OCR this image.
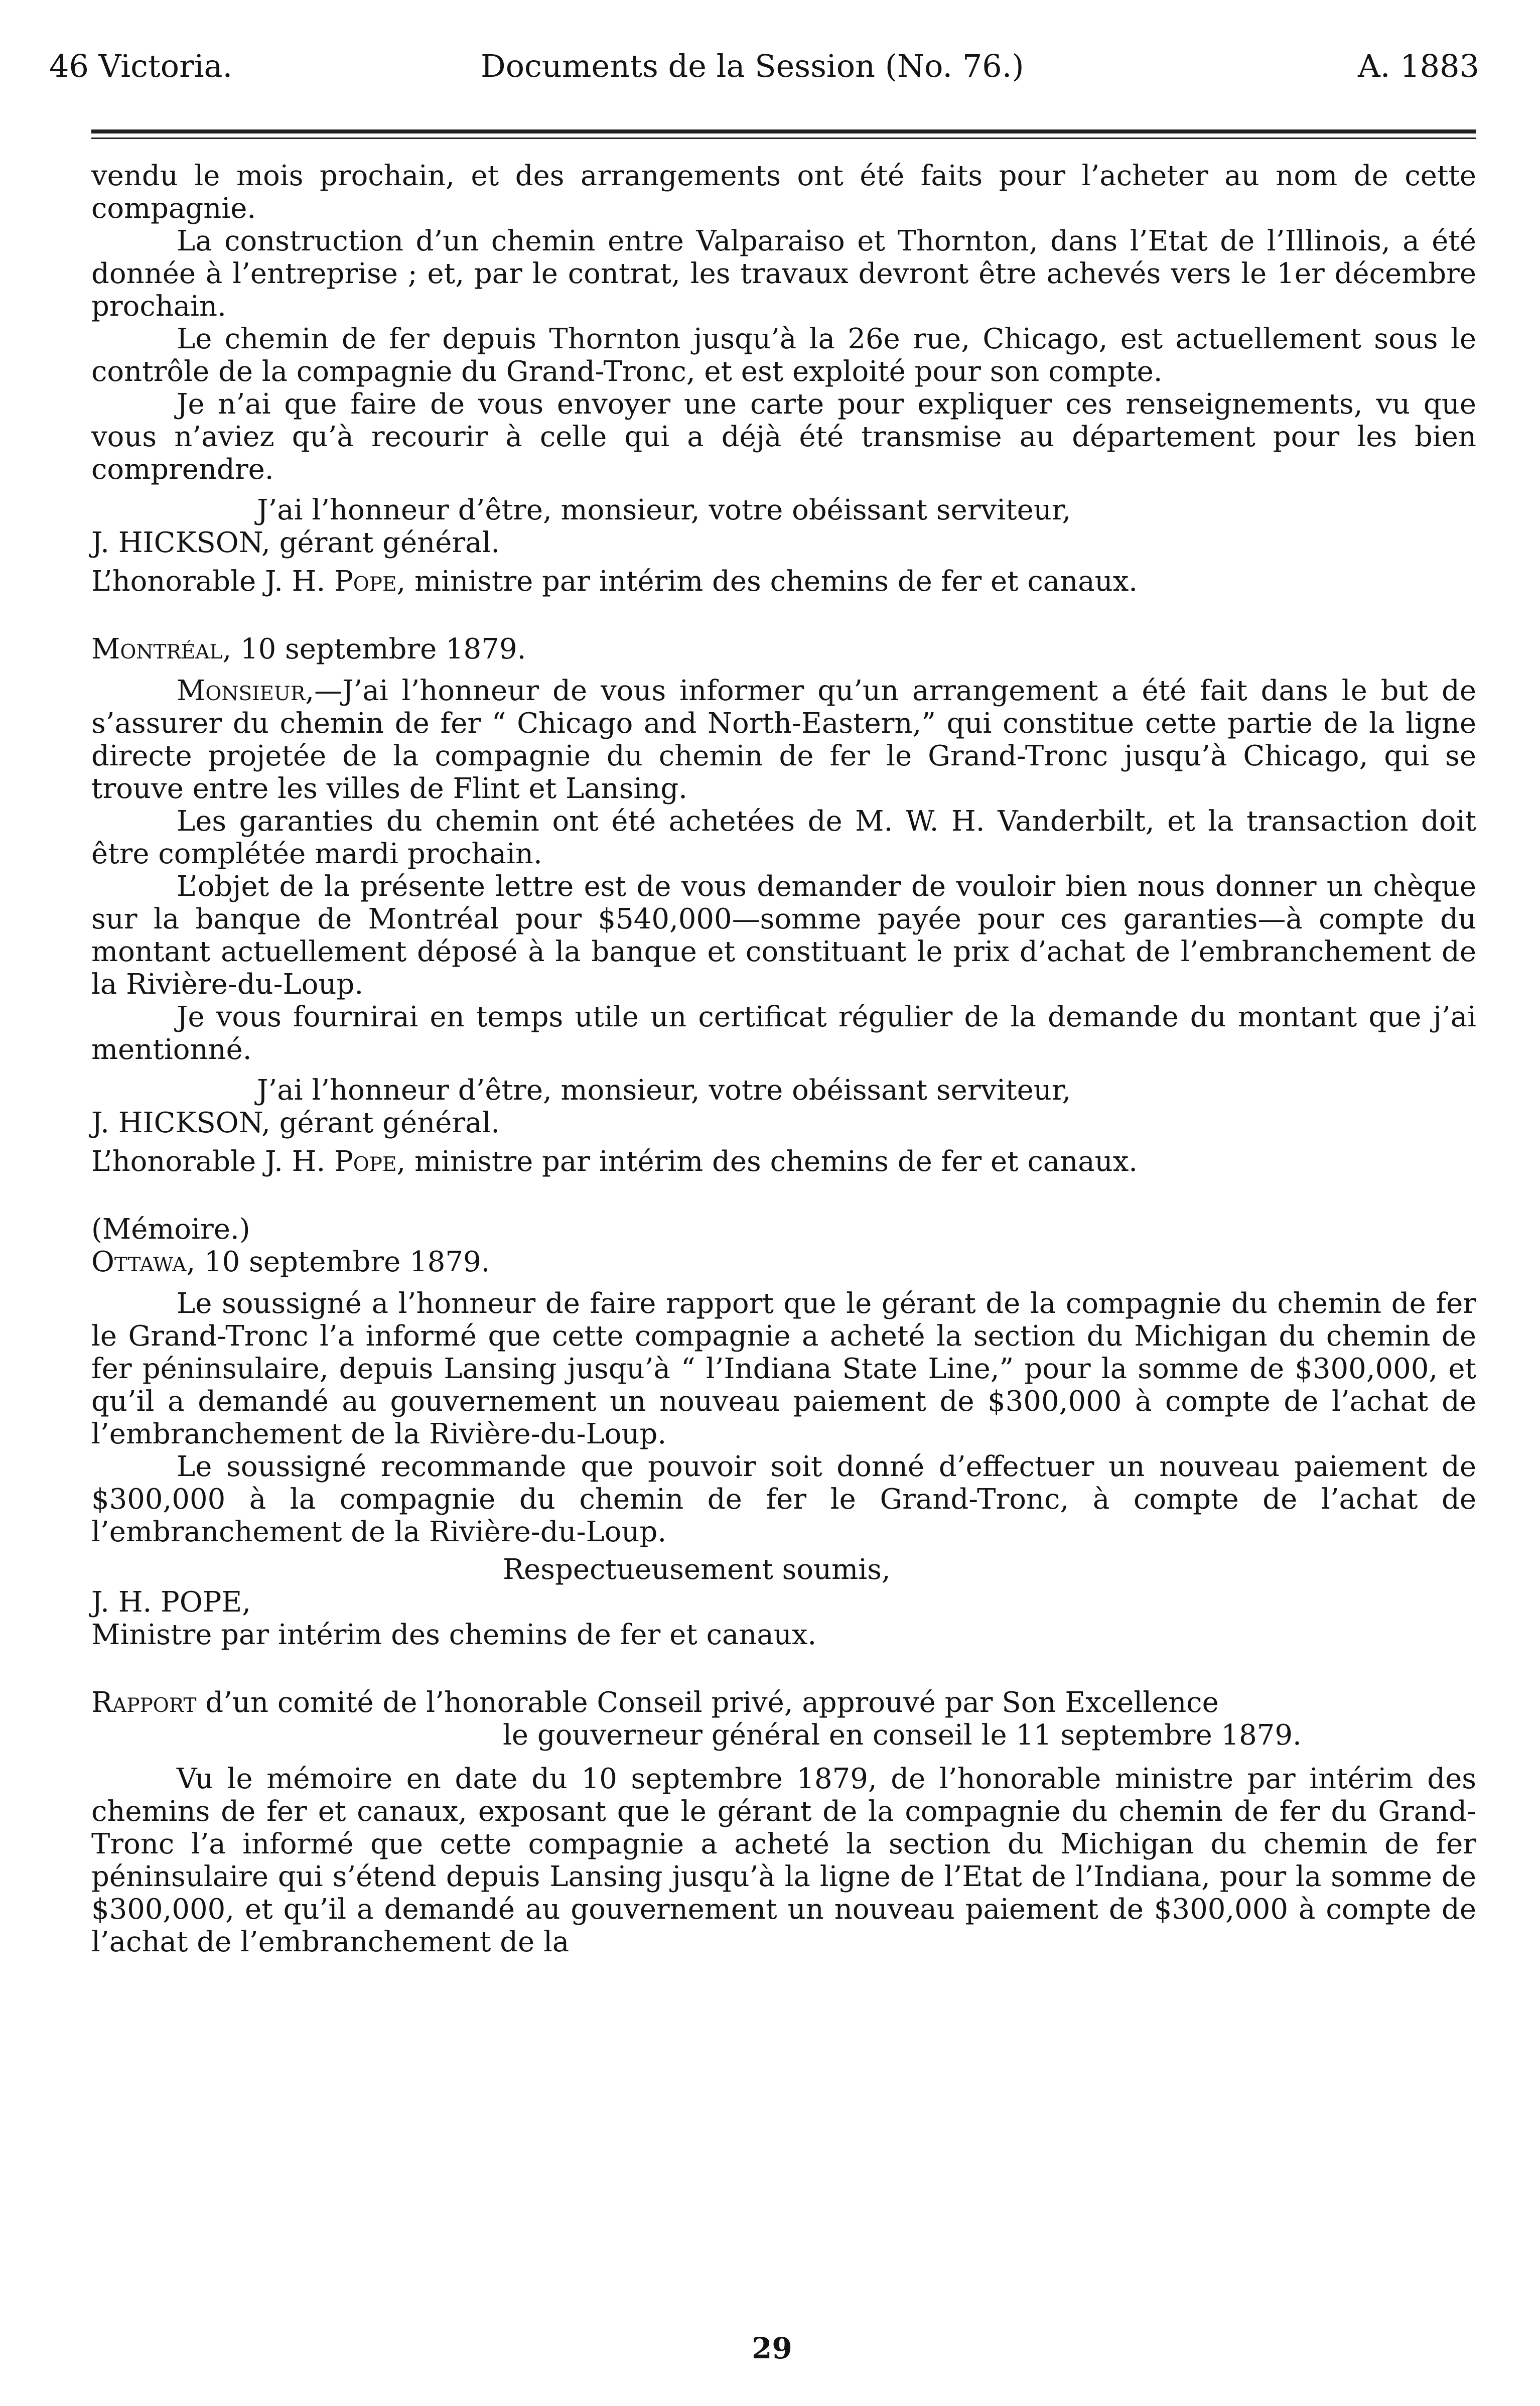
46 Victoria.	Documents de la Session (No. 76.)	A. 1883

vendu le mois prochain, et des arrangements ont été faits pour l’acheter au nom de cette compagnie.

La construction d’un chemin entre Valparaiso et Thornton, dans l’Etat de l’Illinois, a été donnée à l’entreprise ; et, par le contrat, les travaux devront être achevés vers le 1er décembre prochain.

Le chemin de fer depuis Thornton jusqu’à la 26e rue, Chicago, est actuellement sous le contrôle de la compagnie du Grand-Tronc, et est exploité pour son compte.

Je n’ai que faire de vous envoyer une carte pour expliquer ces renseignements, vu que vous n’aviez qu’à recourir à celle qui a déjà été transmise au département pour les bien comprendre.

J’ai l’honneur d’être, monsieur, votre obéissant serviteur,

J. HICKSON, gérant général.

L’honorable J. H. Pope, ministre par intérim des chemins de fer et canaux.

Montréal, 10 septembre 1879.

Monsieur,—J’ai l’honneur de vous informer qu’un arrangement a été fait dans le but de s’assurer du chemin de fer “ Chicago and North-Eastern,” qui constitue cette partie de la ligne directe projetée de la compagnie du chemin de fer le Grand-Tronc jusqu’à Chicago, qui se trouve entre les villes de Flint et Lansing.

Les garanties du chemin ont été achetées de M. W. H. Vanderbilt, et la transaction doit être complétée mardi prochain.

L’objet de la présente lettre est de vous demander de vouloir bien nous donner un chèque sur la banque de Montréal pour $540,000—somme payée pour ces garanties—à compte du montant actuellement déposé à la banque et constituant le prix d’achat de l’embranchement de la Rivière-du-Loup.

Je vous fournirai en temps utile un certificat régulier de la demande du montant que j’ai mentionné.

J’ai l’honneur d’être, monsieur, votre obéissant serviteur,

J. HICKSON, gérant général.

L’honorable J. H. Pope, ministre par intérim des chemins de fer et canaux.

(Mémoire.)

Ottawa, 10 septembre 1879.

Le soussigné a l’honneur de faire rapport que le gérant de la compagnie du chemin de fer le Grand-Tronc l’a informé que cette compagnie a acheté la section du Michigan du chemin de fer péninsulaire, depuis Lansing jusqu’à “ l’Indiana State Line,” pour la somme de $300,000, et qu’il a demandé au gouvernement un nouveau paiement de $300,000 à compte de l’achat de l’embranchement de la Rivière-du-Loup.

Le soussigné recommande que pouvoir soit donné d’effectuer un nouveau paiement de $300,000 à la compagnie du chemin de fer le Grand-Tronc, à compte de l’achat de l’embranchement de la Rivière-du-Loup.

Respectueusement soumis,

J. H. POPE,

Ministre par intérim des chemins de fer et canaux.

Rapport d’un comité de l’honorable Conseil privé, approuvé par Son Excellence

le gouverneur général en conseil le 11 septembre 1879.

Vu le mémoire en date du 10 septembre 1879, de l’honorable ministre par intérim des chemins de fer et canaux, exposant que le gérant de la compagnie du chemin de fer du Grand-Tronc l’a informé que cette compagnie a acheté la section du Michigan du chemin de fer péninsulaire qui s’étend depuis Lansing jusqu’à la ligne de l’Etat de l’Indiana, pour la somme de $300,000, et qu’il a demandé au gouvernement un nouveau paiement de $300,000 à compte de l’achat de l’embranchement de la

29
